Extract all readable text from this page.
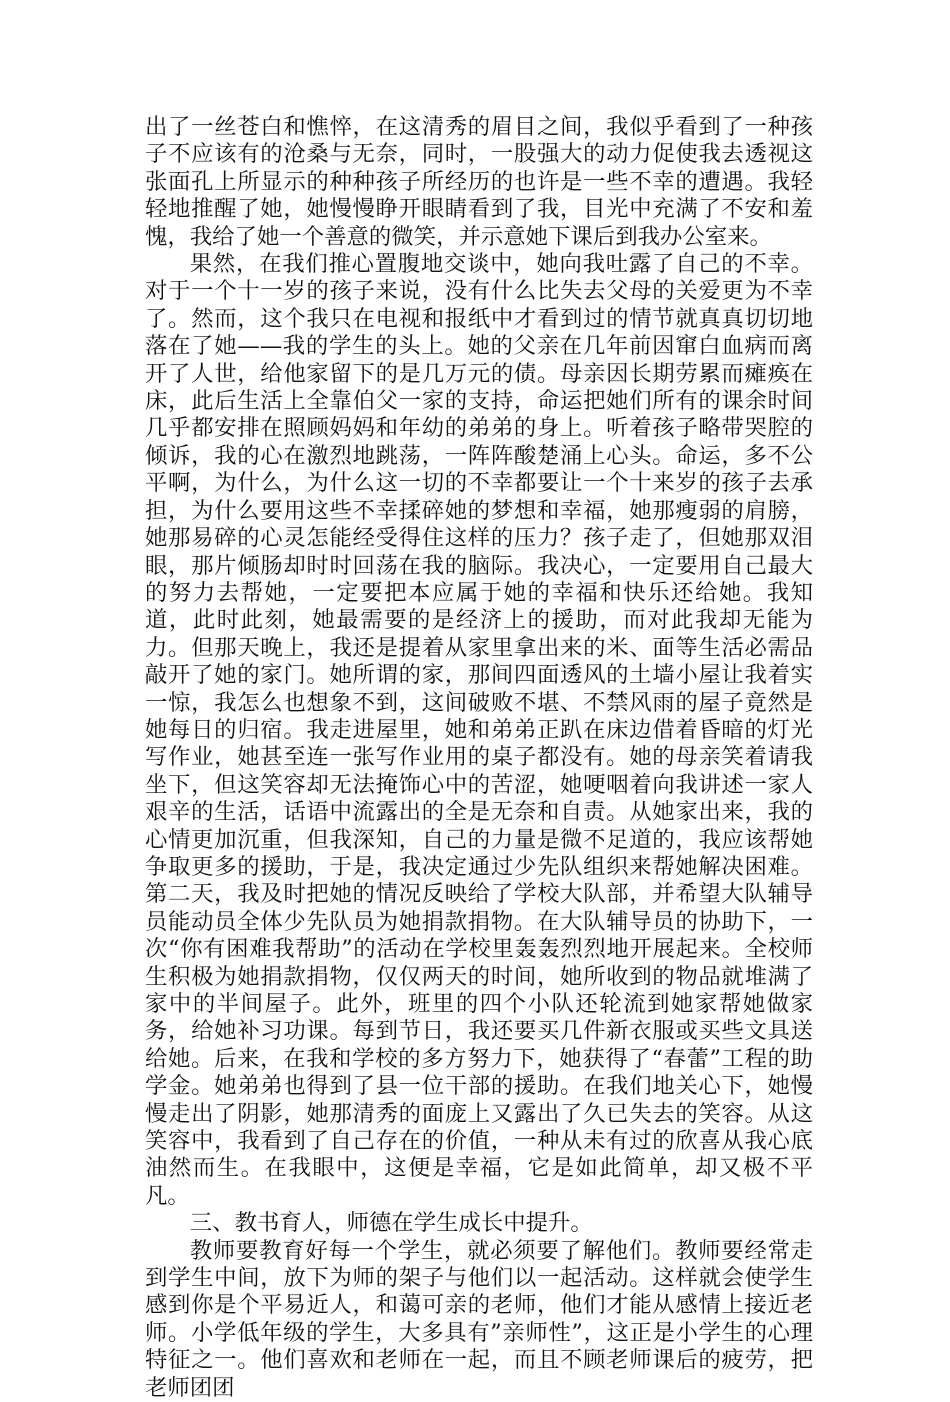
出了一丝苍白和憔悴，在这清秀的眉目之间，我似乎看到了一种孩子不应该有的沧桑与无奈，同时，一股强大的动力促使我去透视这张面孔上所显示的种种孩子所经历的也许是一些不幸的遭遇。我轻轻地推醒了她，她慢慢睁开眼睛看到了我，目光中充满了不安和羞愧，我给了她一个善意的微笑，并示意她下课后到我办公室来。

果然，在我们推心置腹地交谈中，她向我吐露了自己的不幸。对于一个十一岁的孩子来说，没有什么比失去父母的关爱更为不幸了。然而，这个我只在电视和报纸中才看到过的情节就真真切切地落在了她——我的学生的头上。她的父亲在几年前因窜白血病而离开了人世，给他家留下的是几万元的债。母亲因长期劳累而瘫痪在床，此后生活上全靠伯父一家的支持，命运把她们所有的课余时间几乎都安排在照顾妈妈和年幼的弟弟的身上。听着孩子略带哭腔的倾诉，我的心在激烈地跳荡，一阵阵酸楚涌上心头。命运，多不公平啊，为什么，为什么这一切的不幸都要让一个十来岁的孩子去承担，为什么要用这些不幸揉碎她的梦想和幸福，她那瘦弱的肩膀，她那易碎的心灵怎能经受得住这样的压力？孩子走了，但她那双泪眼，那片倾肠却时时回荡在我的脑际。我决心，一定要用自己最大的努力去帮她，一定要把本应属于她的幸福和快乐还给她。我知道，此时此刻，她最需要的是经济上的援助，而对此我却无能为力。但那天晚上，我还是提着从家里拿出来的米、面等生活必需品敲开了她的家门。她所谓的家，那间四面透风的土墙小屋让我着实一惊，我怎么也想象不到，这间破败不堪、不禁风雨的屋子竟然是她每日的归宿。我走进屋里，她和弟弟正趴在床边借着昏暗的灯光写作业，她甚至连一张写作业用的桌子都没有。她的母亲笑着请我坐下，但这笑容却无法掩饰心中的苦涩，她哽咽着向我讲述一家人艰辛的生活，话语中流露出的全是无奈和自责。从她家出来，我的心情更加沉重，但我深知，自己的力量是微不足道的，我应该帮她争取更多的援助，于是，我决定通过少先队组织来帮她解决困难。第二天，我及时把她的情况反映给了学校大队部，并希望大队辅导员能动员全体少先队员为她捐款捐物。在大队辅导员的协助下，一次“你有困难我帮助”的活动在学校里轰轰烈烈地开展起来。全校师生积极为她捐款捐物，仅仅两天的时间，她所收到的物品就堆满了家中的半间屋子。此外，班里的四个小队还轮流到她家帮她做家务，给她补习功课。每到节日，我还要买几件新衣服或买些文具送给她。后来，在我和学校的多方努力下，她获得了“春蕾”工程的助学金。她弟弟也得到了县一位干部的援助。在我们地关心下，她慢慢走出了阴影，她那清秀的面庞上又露出了久已失去的笑容。从这笑容中，我看到了自己存在的价值，一种从未有过的欣喜从我心底油然而生。在我眼中，这便是幸福，它是如此简单，却又极不平凡。

三、教书育人，师德在学生成长中提升。

教师要教育好每一个学生，就必须要了解他们。教师要经常走到学生中间，放下为师的架子与他们以一起活动。这样就会使学生感到你是个平易近人，和蔼可亲的老师，他们才能从感情上接近老师。小学低年级的学生，大多具有”亲师性”，这正是小学生的心理特征之一。他们喜欢和老师在一起，而且不顾老师课后的疲劳，把老师团团
